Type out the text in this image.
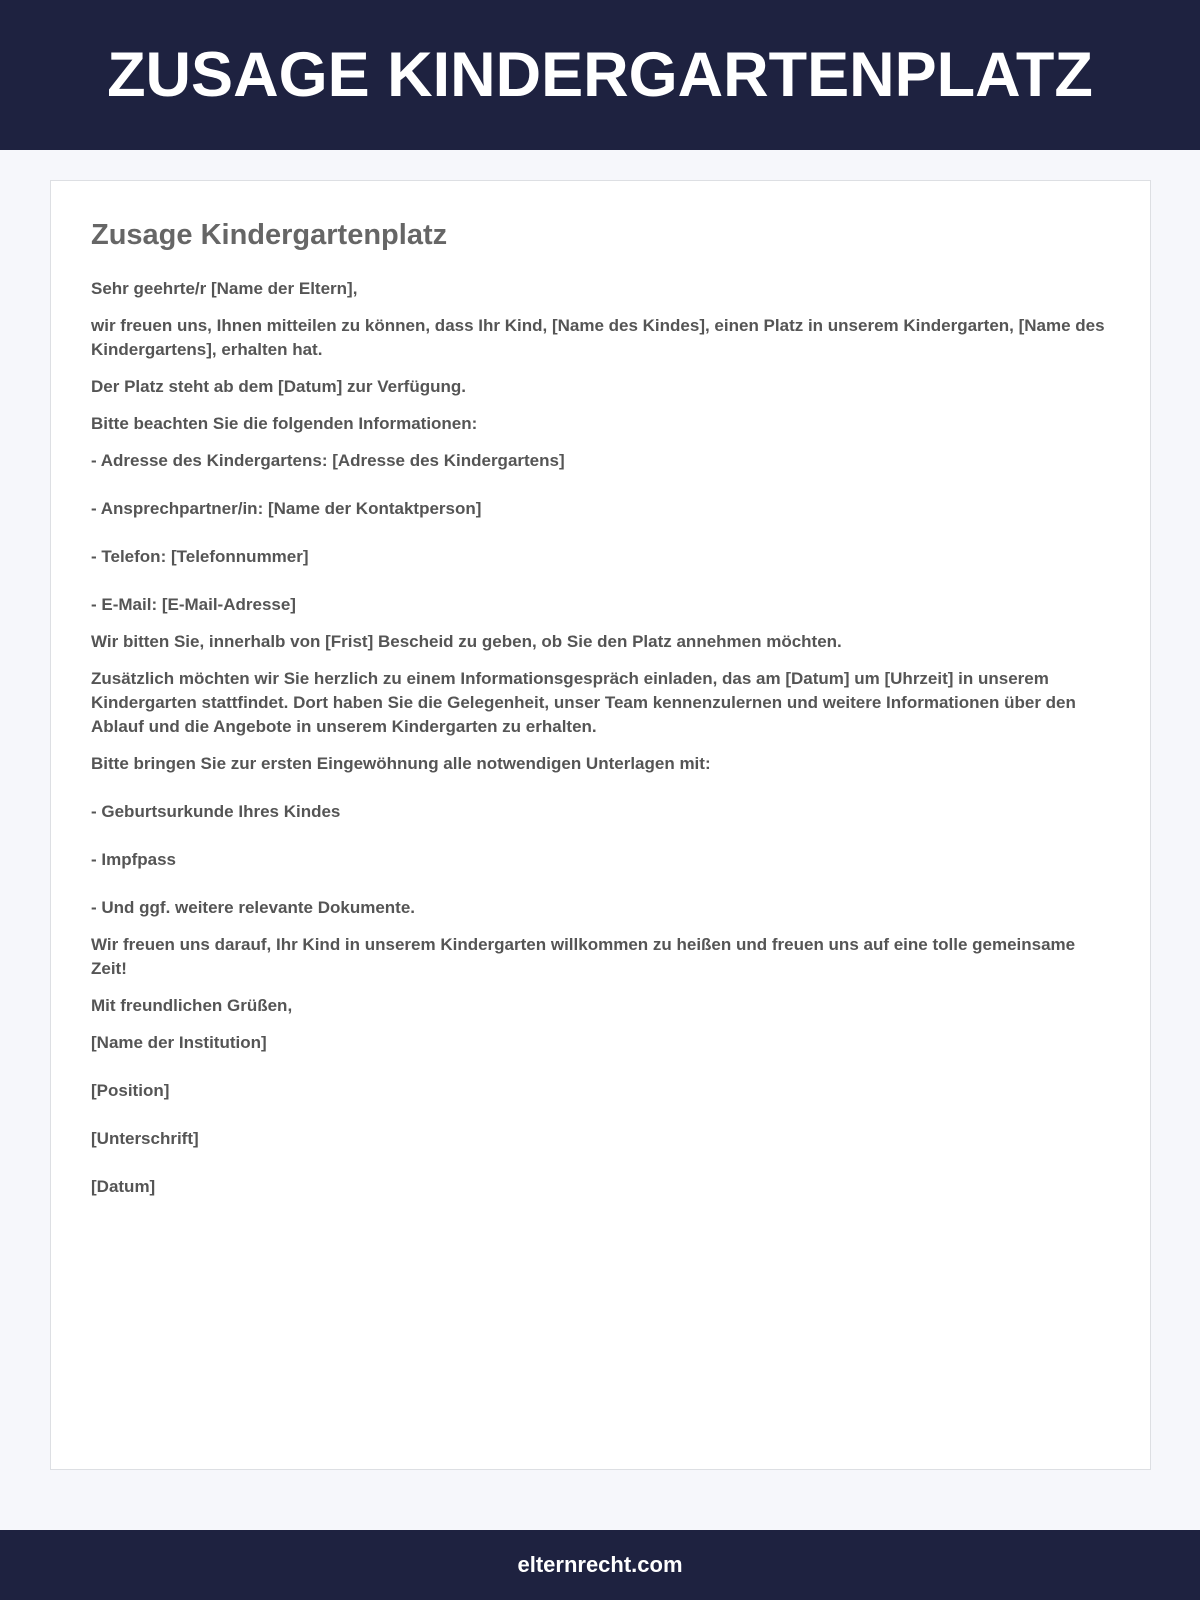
ZUSAGE KINDERGARTENPLATZ
Zusage Kindergartenplatz

Sehr geehrte/r [Name der Eltern],

wir freuen uns, Ihnen mitteilen zu können, dass Ihr Kind, [Name des Kindes], einen Platz in unserem Kindergarten, [Name des Kindergartens], erhalten hat.

Der Platz steht ab dem [Datum] zur Verfügung.

Bitte beachten Sie die folgenden Informationen:

- Adresse des Kindergartens: [Adresse des Kindergartens]

- Ansprechpartner/in: [Name der Kontaktperson]

- Telefon: [Telefonnummer]

- E-Mail: [E-Mail-Adresse]

Wir bitten Sie, innerhalb von [Frist] Bescheid zu geben, ob Sie den Platz annehmen möchten.

Zusätzlich möchten wir Sie herzlich zu einem Informationsgespräch einladen, das am [Datum] um [Uhrzeit] in unserem Kindergarten stattfindet. Dort haben Sie die Gelegenheit, unser Team kennenzulernen und weitere Informationen über den Ablauf und die Angebote in unserem Kindergarten zu erhalten.

Bitte bringen Sie zur ersten Eingewöhnung alle notwendigen Unterlagen mit:

- Geburtsurkunde Ihres Kindes

- Impfpass

- Und ggf. weitere relevante Dokumente.

Wir freuen uns darauf, Ihr Kind in unserem Kindergarten willkommen zu heißen und freuen uns auf eine tolle gemeinsame Zeit!

Mit freundlichen Grüßen,

[Name der Institution]

[Position]

[Unterschrift]

[Datum]

elternrecht.com
